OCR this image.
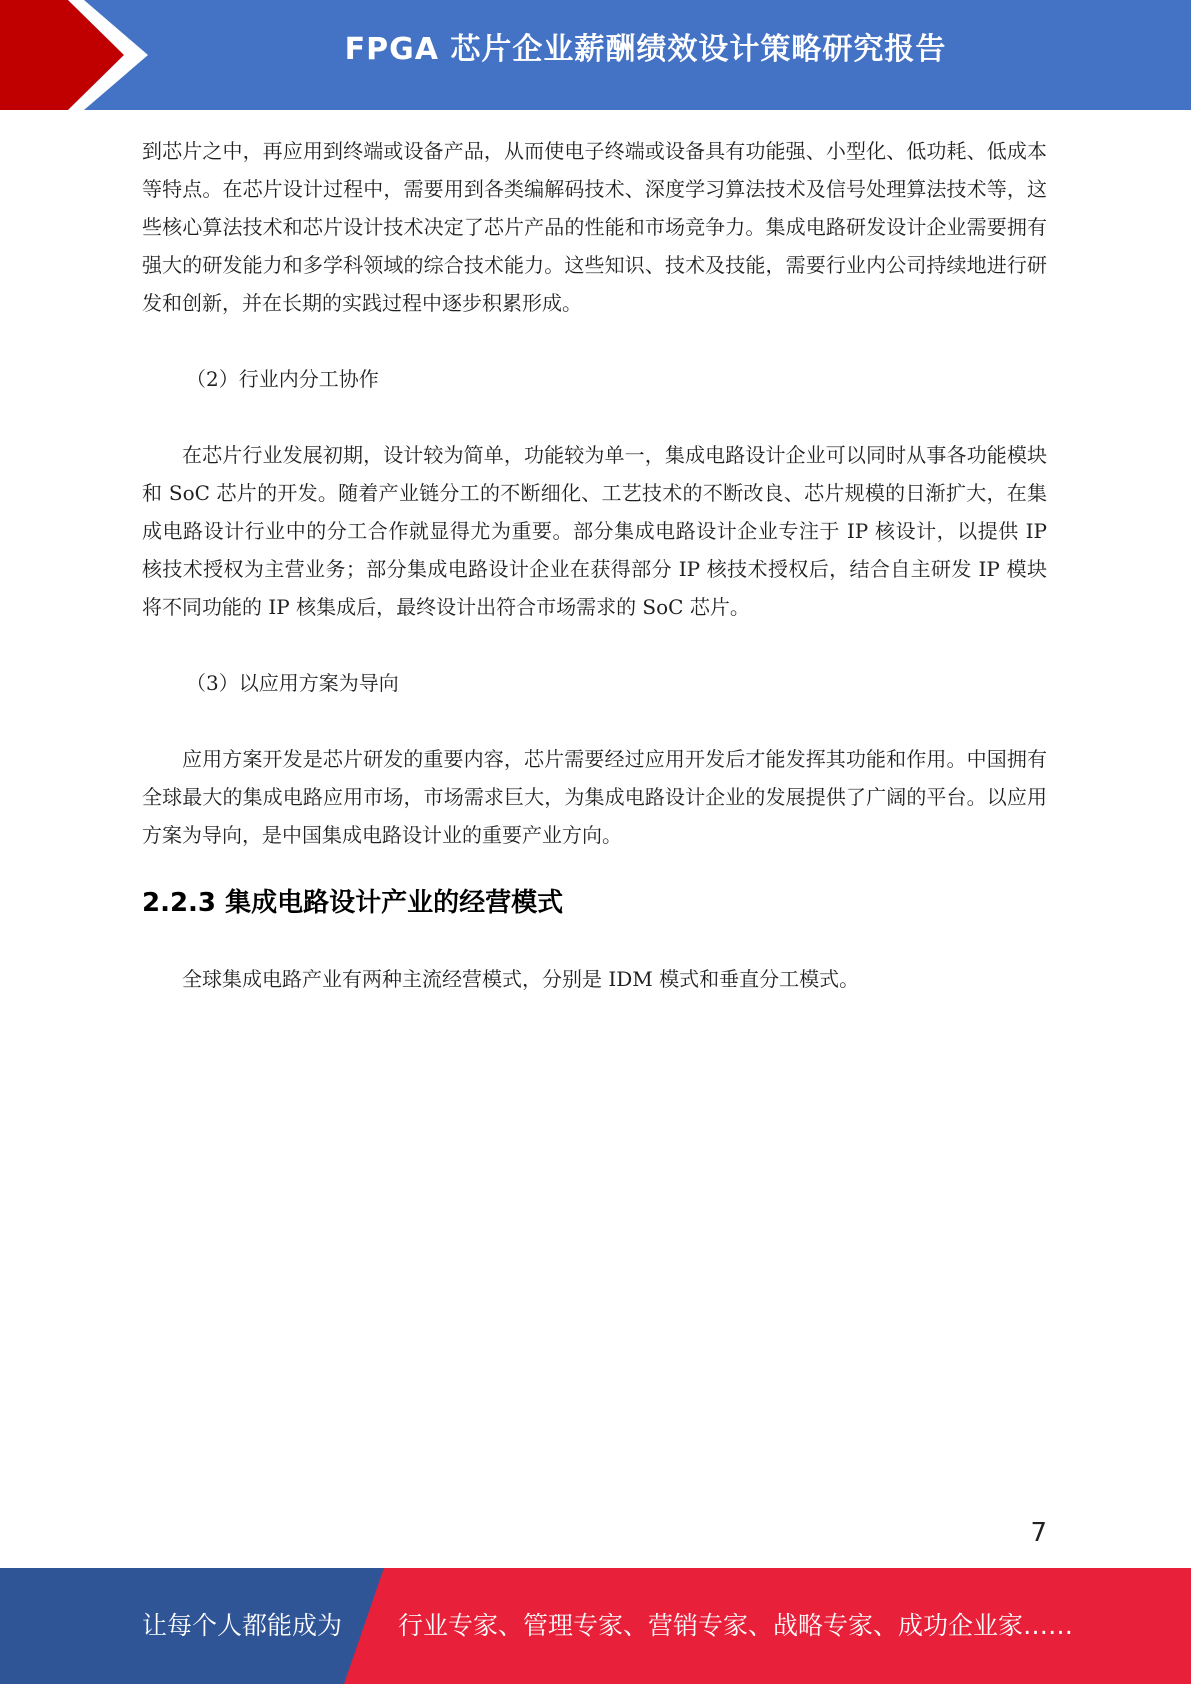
FPGA 芯片企业薪酬绩效设计策略研究报告

到芯片之中，再应用到终端或设备产品，从而使电子终端或设备具有功能强、小型化、低功耗、低成本等特点。在芯片设计过程中，需要用到各类编解码技术、深度学习算法技术及信号处理算法技术等，这些核心算法技术和芯片设计技术决定了芯片产品的性能和市场竞争力。集成电路研发设计企业需要拥有强大的研发能力和多学科领域的综合技术能力。这些知识、技术及技能，需要行业内公司持续地进行研发和创新，并在长期的实践过程中逐步积累形成。

（2）行业内分工协作

在芯片行业发展初期，设计较为简单，功能较为单一，集成电路设计企业可以同时从事各功能模块和 SoC 芯片的开发。随着产业链分工的不断细化、工艺技术的不断改良、芯片规模的日渐扩大，在集成电路设计行业中的分工合作就显得尤为重要。部分集成电路设计企业专注于 IP 核设计，以提供 IP 核技术授权为主营业务；部分集成电路设计企业在获得部分 IP 核技术授权后，结合自主研发 IP 模块将不同功能的 IP 核集成后，最终设计出符合市场需求的 SoC 芯片。

（3）以应用方案为导向

应用方案开发是芯片研发的重要内容，芯片需要经过应用开发后才能发挥其功能和作用。中国拥有全球最大的集成电路应用市场，市场需求巨大，为集成电路设计企业的发展提供了广阔的平台。以应用方案为导向，是中国集成电路设计业的重要产业方向。

2.2.3 集成电路设计产业的经营模式

全球集成电路产业有两种主流经营模式，分别是 IDM 模式和垂直分工模式。

7
让每个人都能成为 行业专家、管理专家、营销专家、战略专家、成功企业家……
